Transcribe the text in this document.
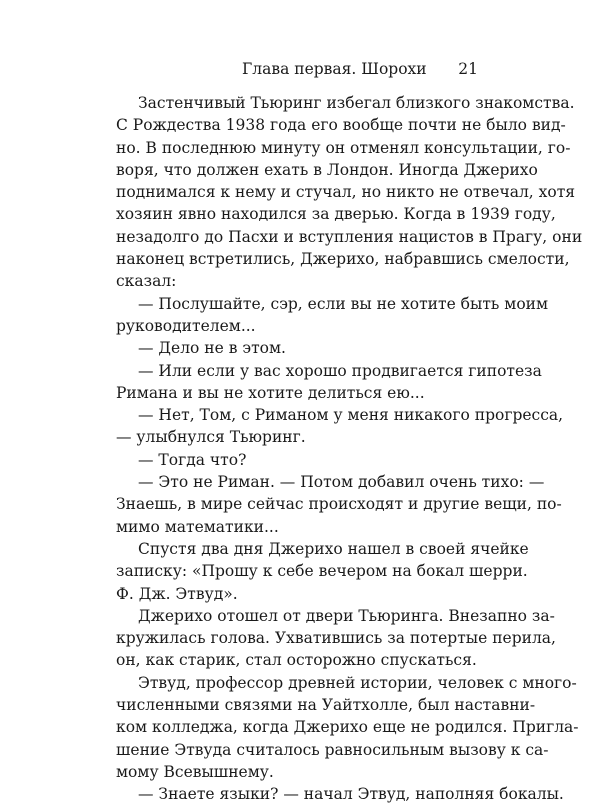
Глава первая. Шорохи 21
Застенчивый Тьюринг избегал близкого знакомства.
С Рождества 1938 года его вообще почти не было вид-
но. В последнюю минуту он отменял консультации, го-
воря, что должен ехать в Лондон. Иногда Джерихо
поднимался к нему и стучал, но никто не отвечал, хотя
хозяин явно находился за дверью. Когда в 1939 году,
незадолго до Пасхи и вступления нацистов в Прагу, они
наконец встретились, Джерихо, набравшись смелости,
сказал:
— Послушайте, сэр, если вы не хотите быть моим
руководителем...
— Дело не в этом.
— Или если у вас хорошо продвигается гипотеза
Римана и вы не хотите делиться ею...
— Нет, Том, с Риманом у меня никакого прогресса,
— улыбнулся Тьюринг.
— Тогда что?
— Это не Риман. — Потом добавил очень тихо: —
Знаешь, в мире сейчас происходят и другие вещи, по-
мимо математики...
Спустя два дня Джерихо нашел в своей ячейке
записку: «Прошу к себе вечером на бокал шерри.
Ф. Дж. Этвуд».
Джерихо отошел от двери Тьюринга. Внезапно за-
кружилась голова. Ухватившись за потертые перила,
он, как старик, стал осторожно спускаться.
Этвуд, профессор древней истории, человек с много-
численными связями на Уайтхолле, был наставни-
ком колледжа, когда Джерихо еще не родился. Пригла-
шение Этвуда считалось равносильным вызову к са-
мому Всевышнему.
— Знаете языки? — начал Этвуд, наполняя бокалы.
